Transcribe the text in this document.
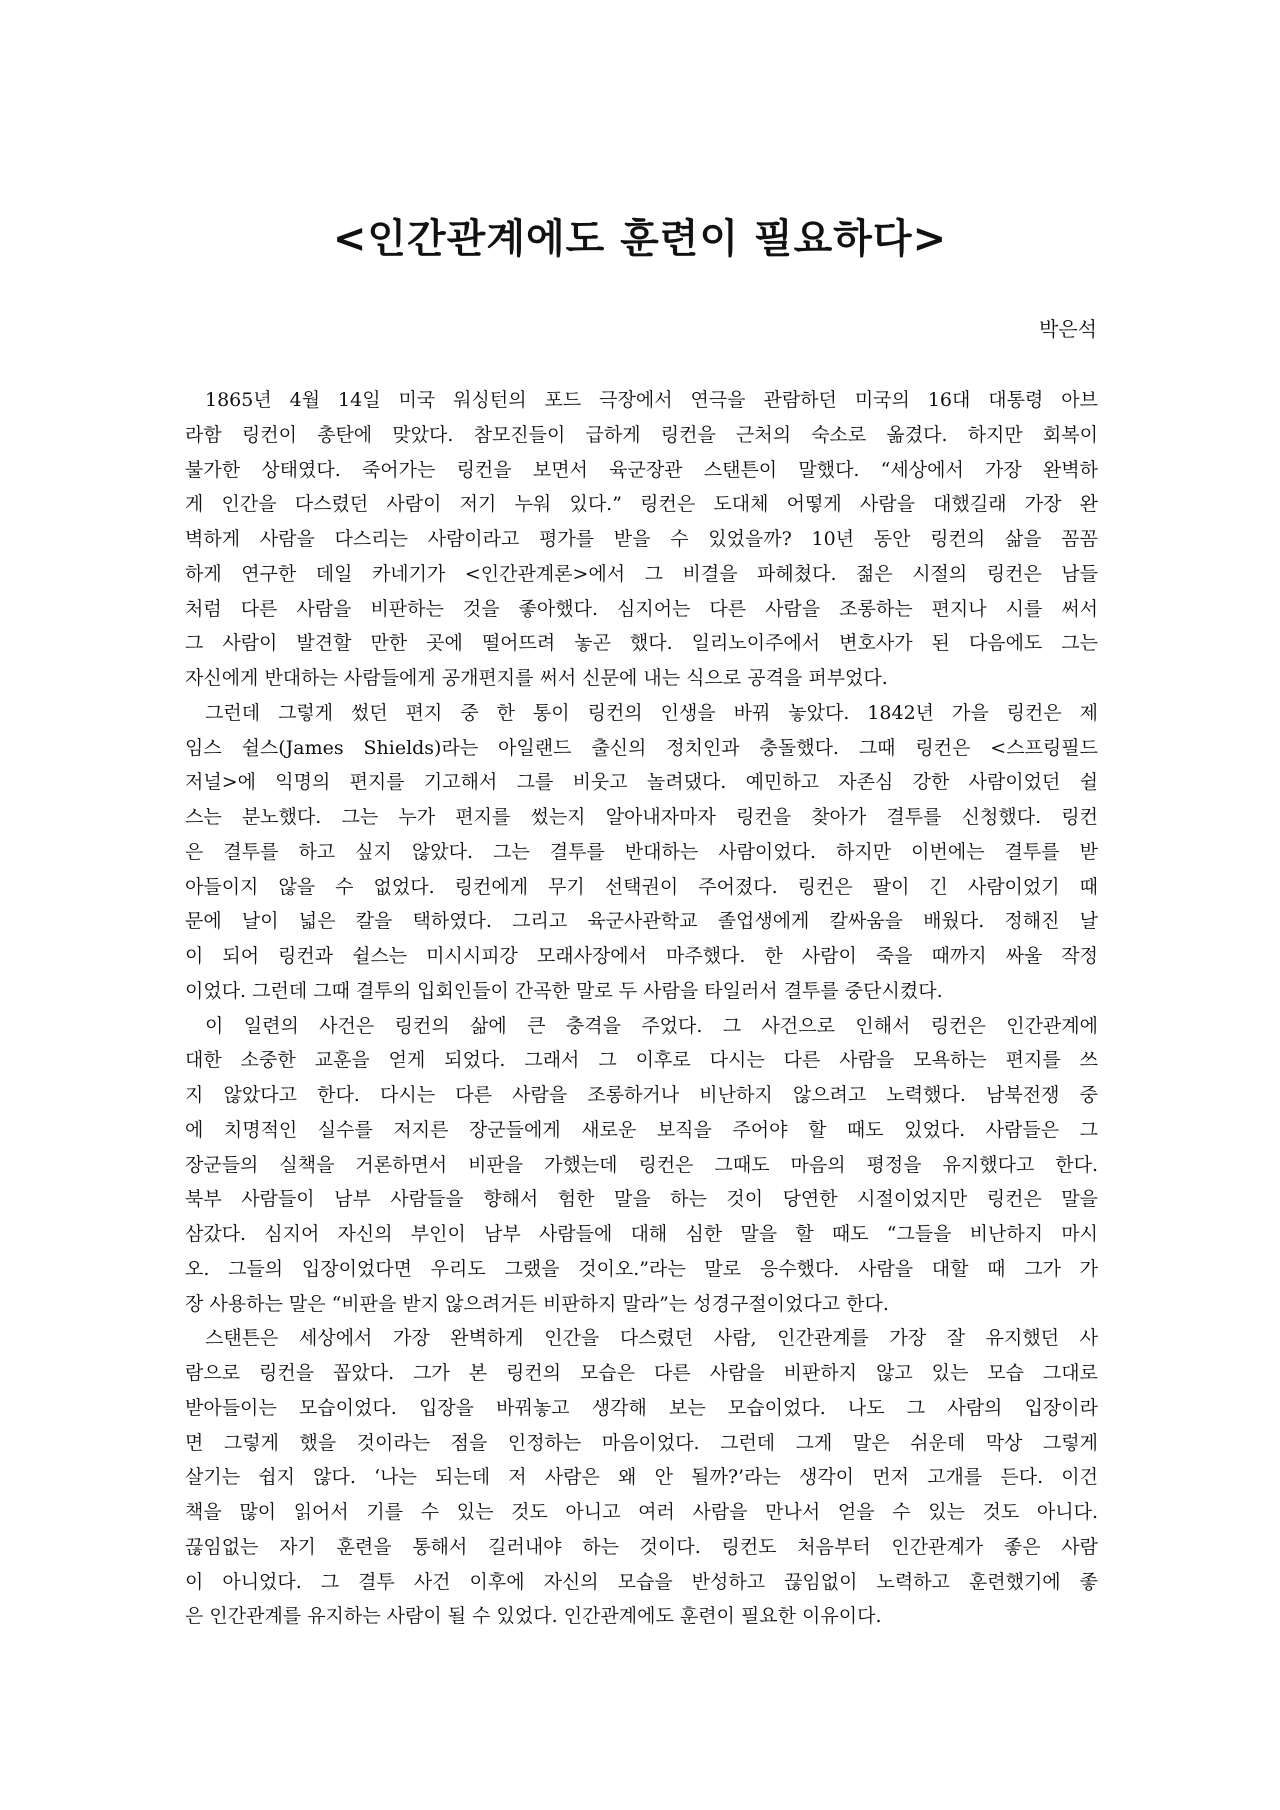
<인간관계에도 훈련이 필요하다>
박은석
1865년 4월 14일 미국 워싱턴의 포드 극장에서 연극을 관람하던 미국의 16대 대통령 아브
라함 링컨이 총탄에 맞았다. 참모진들이 급하게 링컨을 근처의 숙소로 옮겼다. 하지만 회복이
불가한 상태였다. 죽어가는 링컨을 보면서 육군장관 스탠튼이 말했다. “세상에서 가장 완벽하
게 인간을 다스렸던 사람이 저기 누워 있다.” 링컨은 도대체 어떻게 사람을 대했길래 가장 완
벽하게 사람을 다스리는 사람이라고 평가를 받을 수 있었을까? 10년 동안 링컨의 삶을 꼼꼼
하게 연구한 데일 카네기가 <인간관계론>에서 그 비결을 파헤쳤다. 젊은 시절의 링컨은 남들
처럼 다른 사람을 비판하는 것을 좋아했다. 심지어는 다른 사람을 조롱하는 편지나 시를 써서
그 사람이 발견할 만한 곳에 떨어뜨려 놓곤 했다. 일리노이주에서 변호사가 된 다음에도 그는
자신에게 반대하는 사람들에게 공개편지를 써서 신문에 내는 식으로 공격을 퍼부었다.
그런데 그렇게 썼던 편지 중 한 통이 링컨의 인생을 바꿔 놓았다. 1842년 가을 링컨은 제
임스 쉴스(James Shields)라는 아일랜드 출신의 정치인과 충돌했다. 그때 링컨은 <스프링필드
저널>에 익명의 편지를 기고해서 그를 비웃고 놀려댔다. 예민하고 자존심 강한 사람이었던 쉴
스는 분노했다. 그는 누가 편지를 썼는지 알아내자마자 링컨을 찾아가 결투를 신청했다. 링컨
은 결투를 하고 싶지 않았다. 그는 결투를 반대하는 사람이었다. 하지만 이번에는 결투를 받
아들이지 않을 수 없었다. 링컨에게 무기 선택권이 주어졌다. 링컨은 팔이 긴 사람이었기 때
문에 날이 넓은 칼을 택하였다. 그리고 육군사관학교 졸업생에게 칼싸움을 배웠다. 정해진 날
이 되어 링컨과 쉴스는 미시시피강 모래사장에서 마주했다. 한 사람이 죽을 때까지 싸울 작정
이었다. 그런데 그때 결투의 입회인들이 간곡한 말로 두 사람을 타일러서 결투를 중단시켰다.
이 일련의 사건은 링컨의 삶에 큰 충격을 주었다. 그 사건으로 인해서 링컨은 인간관계에
대한 소중한 교훈을 얻게 되었다. 그래서 그 이후로 다시는 다른 사람을 모욕하는 편지를 쓰
지 않았다고 한다. 다시는 다른 사람을 조롱하거나 비난하지 않으려고 노력했다. 남북전쟁 중
에 치명적인 실수를 저지른 장군들에게 새로운 보직을 주어야 할 때도 있었다. 사람들은 그
장군들의 실책을 거론하면서 비판을 가했는데 링컨은 그때도 마음의 평정을 유지했다고 한다.
북부 사람들이 남부 사람들을 향해서 험한 말을 하는 것이 당연한 시절이었지만 링컨은 말을
삼갔다. 심지어 자신의 부인이 남부 사람들에 대해 심한 말을 할 때도 “그들을 비난하지 마시
오. 그들의 입장이었다면 우리도 그랬을 것이오.”라는 말로 응수했다. 사람을 대할 때 그가 가
장 사용하는 말은 “비판을 받지 않으려거든 비판하지 말라”는 성경구절이었다고 한다.
스탠튼은 세상에서 가장 완벽하게 인간을 다스렸던 사람, 인간관계를 가장 잘 유지했던 사
람으로 링컨을 꼽았다. 그가 본 링컨의 모습은 다른 사람을 비판하지 않고 있는 모습 그대로
받아들이는 모습이었다. 입장을 바꿔놓고 생각해 보는 모습이었다. 나도 그 사람의 입장이라
면 그렇게 했을 것이라는 점을 인정하는 마음이었다. 그런데 그게 말은 쉬운데 막상 그렇게
살기는 쉽지 않다. ‘나는 되는데 저 사람은 왜 안 될까?’라는 생각이 먼저 고개를 든다. 이건
책을 많이 읽어서 기를 수 있는 것도 아니고 여러 사람을 만나서 얻을 수 있는 것도 아니다.
끊임없는 자기 훈련을 통해서 길러내야 하는 것이다. 링컨도 처음부터 인간관계가 좋은 사람
이 아니었다. 그 결투 사건 이후에 자신의 모습을 반성하고 끊임없이 노력하고 훈련했기에 좋
은 인간관계를 유지하는 사람이 될 수 있었다. 인간관계에도 훈련이 필요한 이유이다.
